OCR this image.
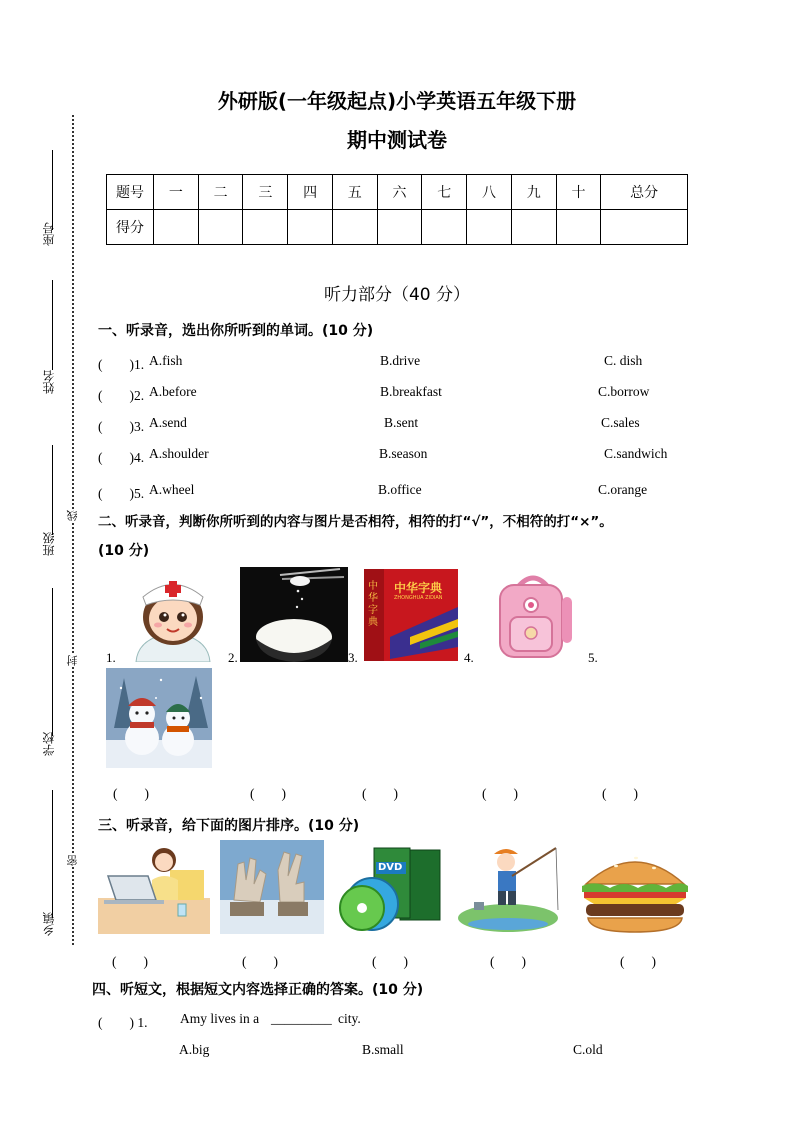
座号
姓名
班级
学校
乡镇
线
封
密
外研版(一年级起点)小学英语五年级下册
期中测试卷
题号	一	二	三	四	五	六	七	八	九	十	总分
得分											
听力部分（40 分）
一、听录音，选出你所听到的单词。(10 分)
(　　)1. A.fish	B.drive	C. dish
(　　)2. A.before	B.breakfast	C.borrow
(　　)3. A.send	B.sent	C.sales
(　　)4. A.shoulder	B.season	C.sandwich
(　　)5. A.wheel	B.office	C.orange
二、听录音，判断你所听到的内容与图片是否相符，相符的打“√”，不相符的打“×”。
(10 分)
1.	2.
中华字典
ZHONGHUA ZIDIAN
中华字典
3.	4.	5.
(　　)	(　　)	(　　)	(　　)	(　　)
三、听录音，给下面的图片排序。(10 分)
DVD
(　　)	(　　)	(　　)	(　　)	(　　)
四、听短文，根据短文内容选择正确的答案。(10 分)
(　　) 1. Amy lives in a _________ city.
A.big	B.small	C.old
